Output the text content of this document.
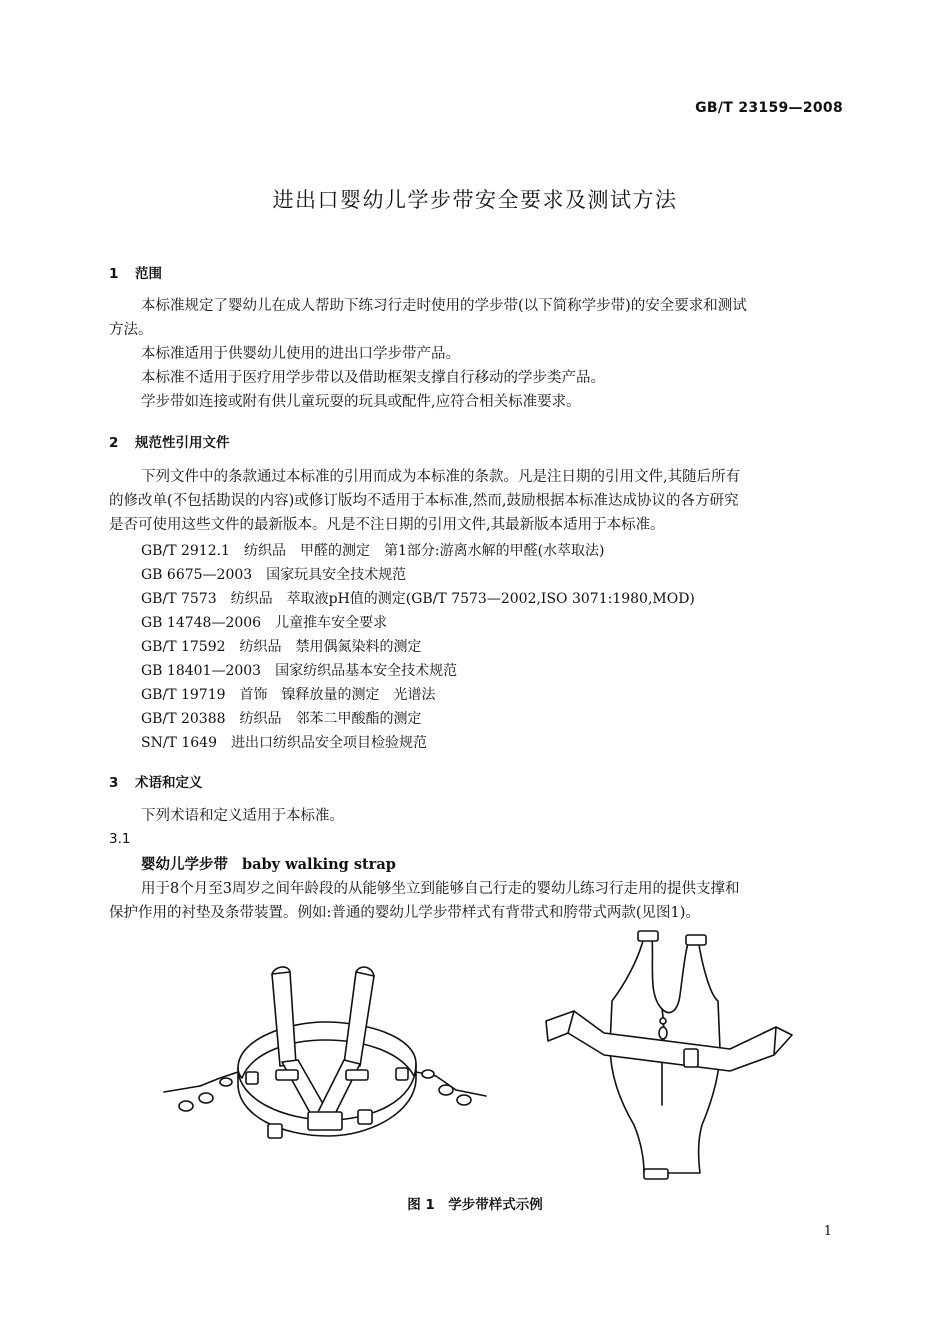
GB/T 23159—2008
进出口婴幼儿学步带安全要求及测试方法
1 范围
本标准规定了婴幼儿在成人帮助下练习行走时使用的学步带(以下简称学步带)的安全要求和测试
方法。
本标准适用于供婴幼儿使用的进出口学步带产品。
本标准不适用于医疗用学步带以及借助框架支撑自行移动的学步类产品。
学步带如连接或附有供儿童玩耍的玩具或配件,应符合相关标准要求。
2 规范性引用文件
下列文件中的条款通过本标准的引用而成为本标准的条款。凡是注日期的引用文件,其随后所有
的修改单(不包括勘误的内容)或修订版均不适用于本标准,然而,鼓励根据本标准达成协议的各方研究
是否可使用这些文件的最新版本。凡是不注日期的引用文件,其最新版本适用于本标准。
GB/T 2912.1　纺织品　甲醛的测定　第1部分:游离水解的甲醛(水萃取法)
GB 6675—2003　国家玩具安全技术规范
GB/T 7573　纺织品　萃取液pH值的测定(GB/T 7573—2002,ISO 3071:1980,MOD)
GB 14748—2006　儿童推车安全要求
GB/T 17592　纺织品　禁用偶氮染料的测定
GB 18401—2003　国家纺织品基本安全技术规范
GB/T 19719　首饰　镍释放量的测定　光谱法
GB/T 20388　纺织品　邻苯二甲酸酯的测定
SN/T 1649　进出口纺织品安全项目检验规范
3 术语和定义
下列术语和定义适用于本标准。
3.1
婴幼儿学步带 baby walking strap
用于8个月至3周岁之间年龄段的从能够坐立到能够自己行走的婴幼儿练习行走用的提供支撑和
保护作用的衬垫及条带装置。例如:普通的婴幼儿学步带样式有背带式和胯带式两款(见图1)。
图 1　学步带样式示例
1
